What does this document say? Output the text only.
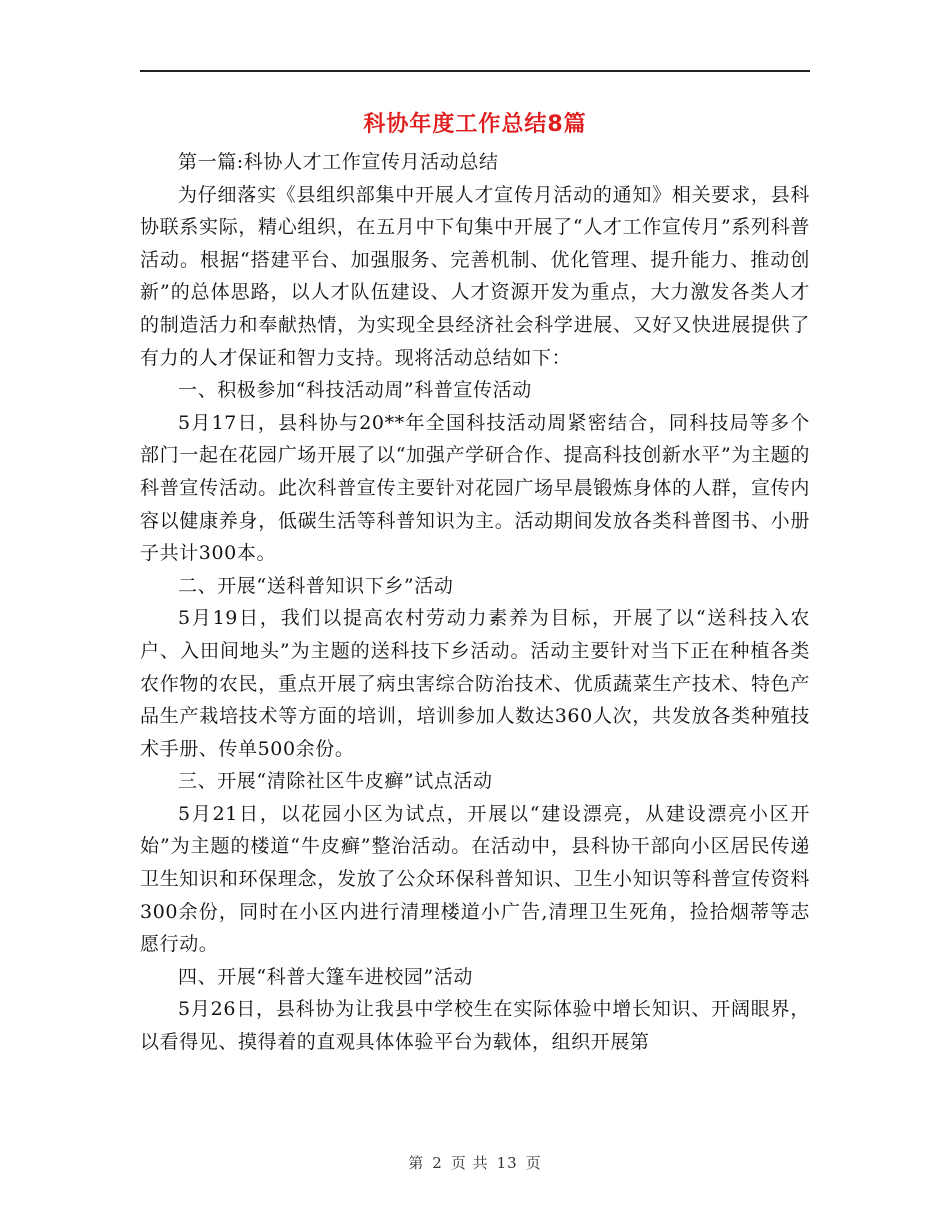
科协年度工作总结8篇

第一篇:科协人才工作宣传月活动总结

为仔细落实《县组织部集中开展人才宣传月活动的通知》相关要求，县科协联系实际，精心组织，在五月中下旬集中开展了“人才工作宣传月”系列科普活动。根据“搭建平台、加强服务、完善机制、优化管理、提升能力、推动创新”的总体思路，以人才队伍建设、人才资源开发为重点，大力激发各类人才的制造活力和奉献热情，为实现全县经济社会科学进展、又好又快进展提供了有力的人才保证和智力支持。现将活动总结如下：

一、积极参加“科技活动周”科普宣传活动

5月17日，县科协与20**年全国科技活动周紧密结合，同科技局等多个部门一起在花园广场开展了以“加强产学研合作、提高科技创新水平”为主题的科普宣传活动。此次科普宣传主要针对花园广场早晨锻炼身体的人群，宣传内容以健康养身，低碳生活等科普知识为主。活动期间发放各类科普图书、小册子共计300本。

二、开展“送科普知识下乡”活动

5月19日，我们以提高农村劳动力素养为目标，开展了以“送科技入农户、入田间地头”为主题的送科技下乡活动。活动主要针对当下正在种植各类农作物的农民，重点开展了病虫害综合防治技术、优质蔬菜生产技术、特色产品生产栽培技术等方面的培训，培训参加人数达360人次，共发放各类种殖技术手册、传单500余份。

三、开展“清除社区牛皮癣”试点活动

5月21日，以花园小区为试点，开展以“建设漂亮，从建设漂亮小区开始”为主题的楼道“牛皮癣”整治活动。在活动中，县科协干部向小区居民传递卫生知识和环保理念，发放了公众环保科普知识、卫生小知识等科普宣传资料300余份，同时在小区内进行清理楼道小广告,清理卫生死角，捡拾烟蒂等志愿行动。

四、开展“科普大篷车进校园”活动

5月26日，县科协为让我县中学校生在实际体验中增长知识、开阔眼界，以看得见、摸得着的直观具体体验平台为载体，组织开展第

第 2 页 共 13 页
